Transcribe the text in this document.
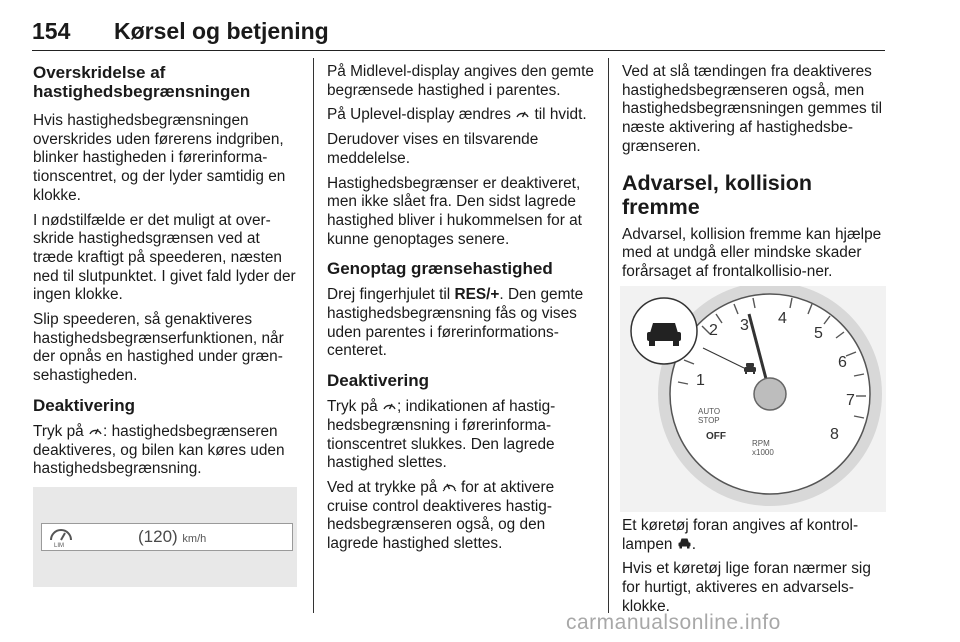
154 Kørsel og betjening
Overskridelse af
hastighedsbegrænsningen

Hvis hastighedsbegrænsningen overskrides uden førerens indgriben, blinker hastigheden i førerinforma-tionscentret, og der lyder samtidig en klokke.

I nødstilfælde er det muligt at over-skride hastighedsgrænsen ved at træde kraftigt på speederen, næsten ned til slutpunktet. I givet fald lyder der ingen klokke.

Slip speederen, så genaktiveres hastighedsbegrænserfunktionen, når der opnås en hastighed under græn-sehastigheden.

Deaktivering

Tryk på : hastighedsbegrænseren deaktiveres, og bilen kan køres uden hastighedsbegrænsning.

LIM	(120) km/h

På Midlevel-display angives den gemte begrænsede hastighed i parentes.

På Uplevel-display ændres til hvidt.

Derudover vises en tilsvarende meddelelse.

Hastighedsbegrænser er deaktiveret, men ikke slået fra. Den sidst lagrede hastighed bliver i hukommelsen for at kunne genoptages senere.

Genoptag grænsehastighed

Drej fingerhjulet til RES/+. Den gemte hastighedsbegrænsning fås og vises uden parentes i førerinformations-centeret.

Deaktivering

Tryk på ; indikationen af hastig-hedsbegrænsning i førerinforma-tionscentret slukkes. Den lagrede hastighed slettes.

Ved at trykke på for at aktivere cruise control deaktiveres hastig-hedsbegrænseren også, og den lagrede hastighed slettes.

Ved at slå tændingen fra deaktiveres hastighedsbegrænseren også, men hastighedsbegrænsningen gemmes til næste aktivering af hastighedsbe-grænseren.

Advarsel, kollision fremme

Advarsel, kollision fremme kan hjælpe med at undgå eller mindske skader forårsaget af frontalkollisio-ner.

1
2 3 4
5
6
7
8
AUTO
STOP
RPM
x1000
OFF

Et køretøj foran angives af kontrol-lampen .

Hvis et køretøj lige foran nærmer sig for hurtigt, aktiveres en advarsels-klokke.

carmanualsonline.info
